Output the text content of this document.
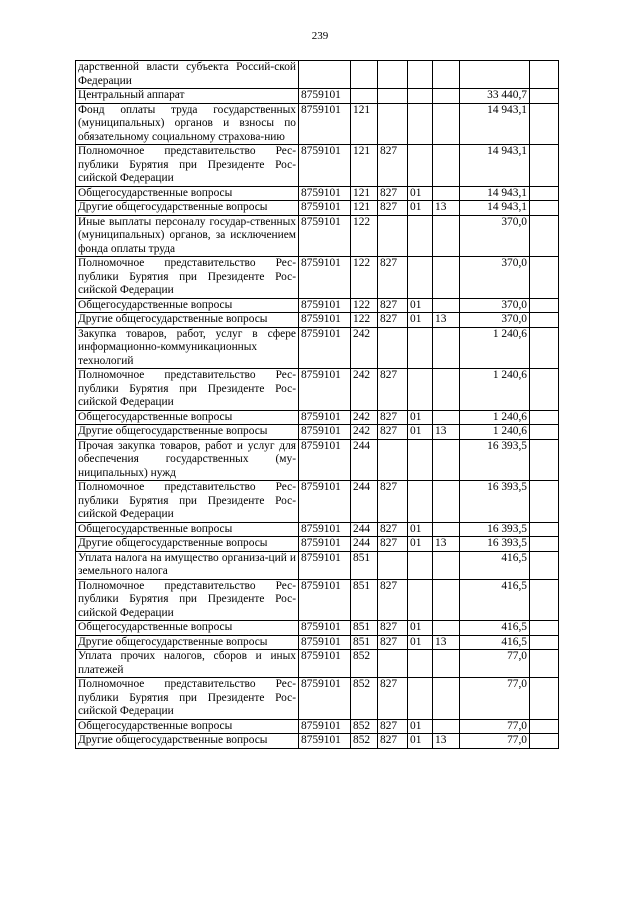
239
дарственной власти субъекта Россий-ской Федерации							
Центральный аппарат	8759101					33 440,7	
Фонд оплаты труда государственных (муниципальных) органов и взносы по обязательному социальному страхова-нию	8759101	121				14 943,1	
Полномочное представительство Рес-публики Бурятия при Президенте Рос-сийской Федерации	8759101	121	827			14 943,1	
Общегосударственные вопросы	8759101	121	827	01		14 943,1	
Другие общегосударственные вопросы	8759101	121	827	01	13	14 943,1	
Иные выплаты персоналу государ-ственных (муниципальных) органов, за исключением фонда оплаты труда	8759101	122				370,0	
Полномочное представительство Рес-публики Бурятия при Президенте Рос-сийской Федерации	8759101	122	827			370,0	
Общегосударственные вопросы	8759101	122	827	01		370,0	
Другие общегосударственные вопросы	8759101	122	827	01	13	370,0	
Закупка товаров, работ, услуг в сфере информационно-коммуникационных технологий	8759101	242				1 240,6	
Полномочное представительство Рес-публики Бурятия при Президенте Рос-сийской Федерации	8759101	242	827			1 240,6	
Общегосударственные вопросы	8759101	242	827	01		1 240,6	
Другие общегосударственные вопросы	8759101	242	827	01	13	1 240,6	
Прочая закупка товаров, работ и услуг для обеспечения государственных (му-ниципальных) нужд	8759101	244				16 393,5	
Полномочное представительство Рес-публики Бурятия при Президенте Рос-сийской Федерации	8759101	244	827			16 393,5	
Общегосударственные вопросы	8759101	244	827	01		16 393,5	
Другие общегосударственные вопросы	8759101	244	827	01	13	16 393,5	
Уплата налога на имущество организа-ций и земельного налога	8759101	851				416,5	
Полномочное представительство Рес-публики Бурятия при Президенте Рос-сийской Федерации	8759101	851	827			416,5	
Общегосударственные вопросы	8759101	851	827	01		416,5	
Другие общегосударственные вопросы	8759101	851	827	01	13	416,5	
Уплата прочих налогов, сборов и иных платежей	8759101	852				77,0	
Полномочное представительство Рес-публики Бурятия при Президенте Рос-сийской Федерации	8759101	852	827			77,0	
Общегосударственные вопросы	8759101	852	827	01		77,0	
Другие общегосударственные вопросы	8759101	852	827	01	13	77,0	
